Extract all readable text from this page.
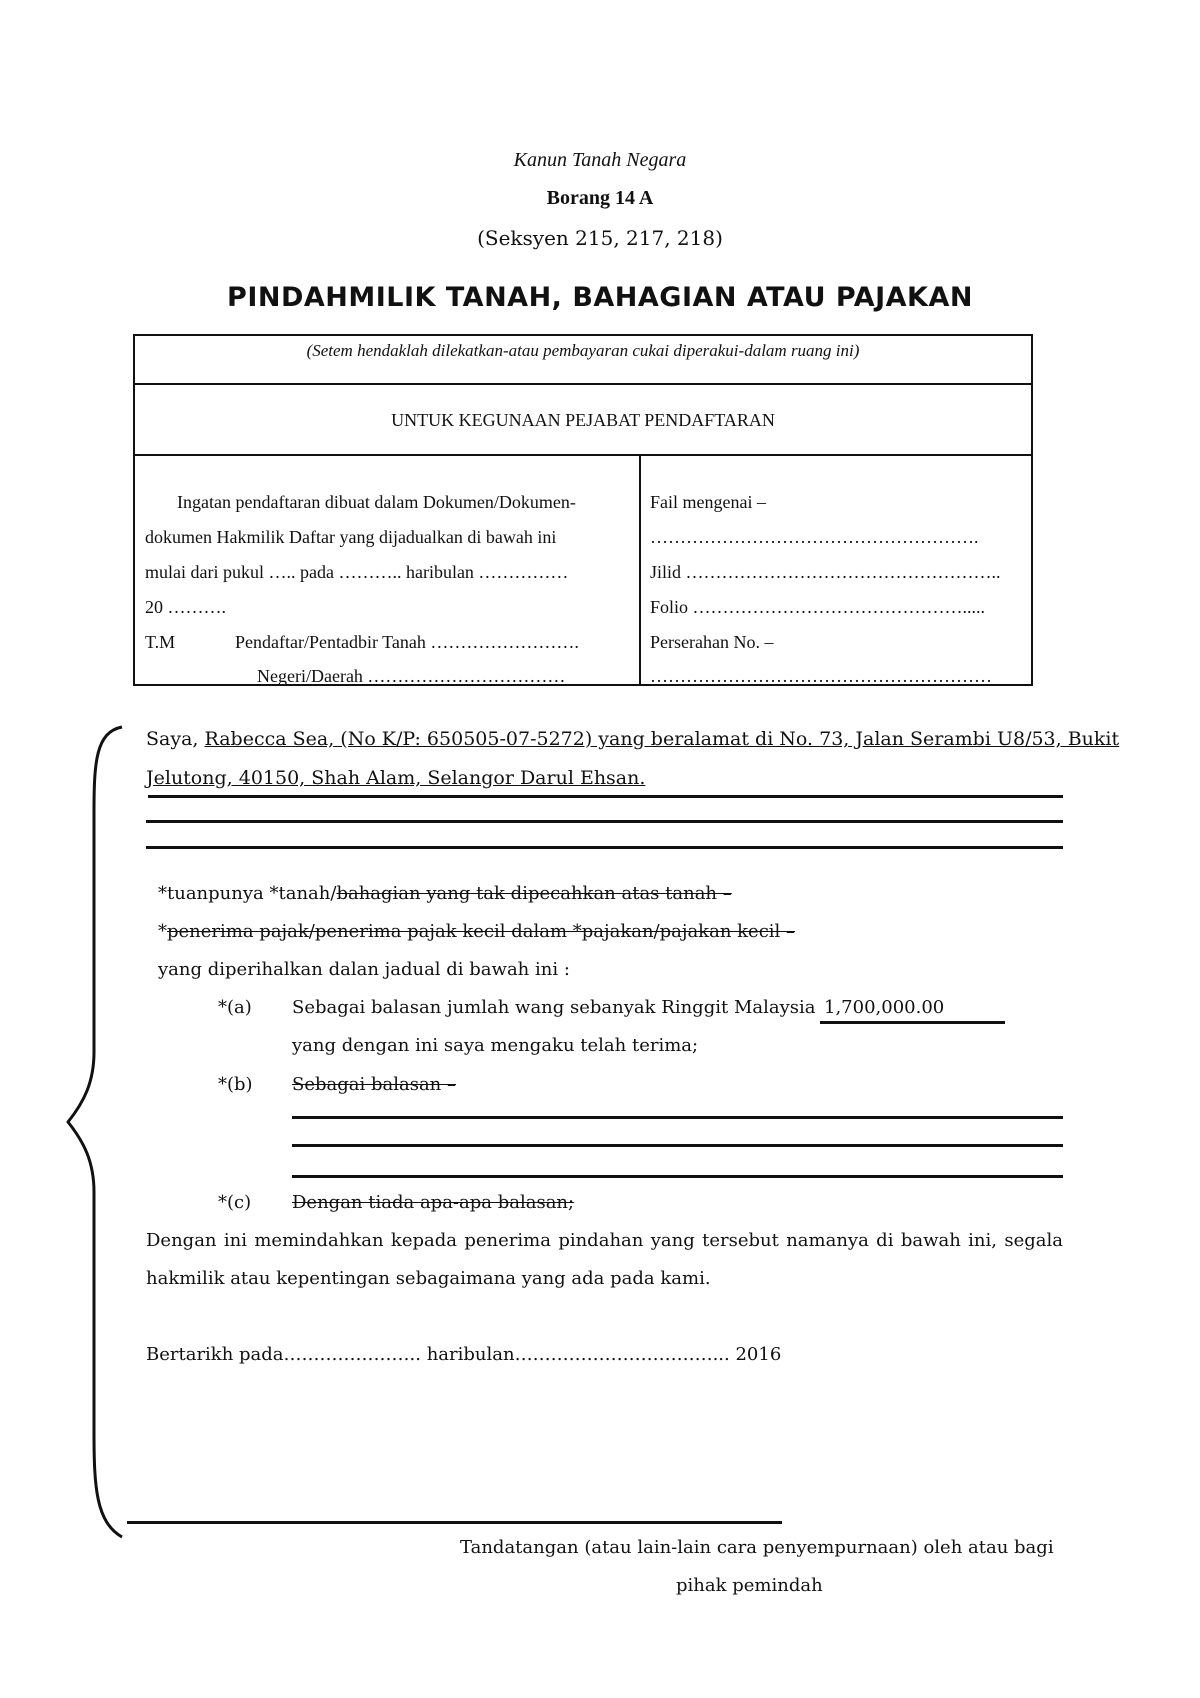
Kanun Tanah Negara
Borang 14 A
(Seksyen 215, 217, 218)
PINDAHMILIK TANAH, BAHAGIAN ATAU PAJAKAN
(Setem hendaklah dilekatkan-atau pembayaran cukai diperakui-dalam ruang ini)
UNTUK KEGUNAAN PEJABAT PENDAFTARAN
Ingatan pendaftaran dibuat dalam Dokumen/Dokumen-
dokumen Hakmilik Daftar yang dijadualkan di bawah ini
mulai dari pukul ….. pada ……….. haribulan ……………
20 ……….
T.M	Pendaftar/Pentadbir Tanah …………………….
Negeri/Daerah ……………………………
Fail mengenai –
……………………………………………….
Jilid ……………………………………………..
Folio ……………………………………….....
Perserahan No. –
…………………………………………………
Saya, Rabecca Sea, (No K/P: 650505-07-5272) yang beralamat di No. 73, Jalan Serambi U8/53, Bukit
Jelutong, 40150, Shah Alam, Selangor Darul Ehsan.
*tuanpunya *tanah/bahagian yang tak dipecahkan atas tanah –
*penerima pajak/penerima pajak kecil dalam *pajakan/pajakan kecil –
yang diperihalkan dalan jadual di bawah ini :
*(a) Sebagai balasan jumlah wang sebanyak Ringgit Malaysia 1,700,000.00
yang dengan ini saya mengaku telah terima;
*(b) Sebagai balasan –
*(c) Dengan tiada apa-apa balasan;
Dengan ini memindahkan kepada penerima pindahan yang tersebut namanya di bawah ini, segala
hakmilik atau kepentingan sebagaimana yang ada pada kami.
Bertarikh pada………………….. haribulan……………………………... 2016
Tandatangan (atau lain-lain cara penyempurnaan) oleh atau bagi
pihak pemindah
